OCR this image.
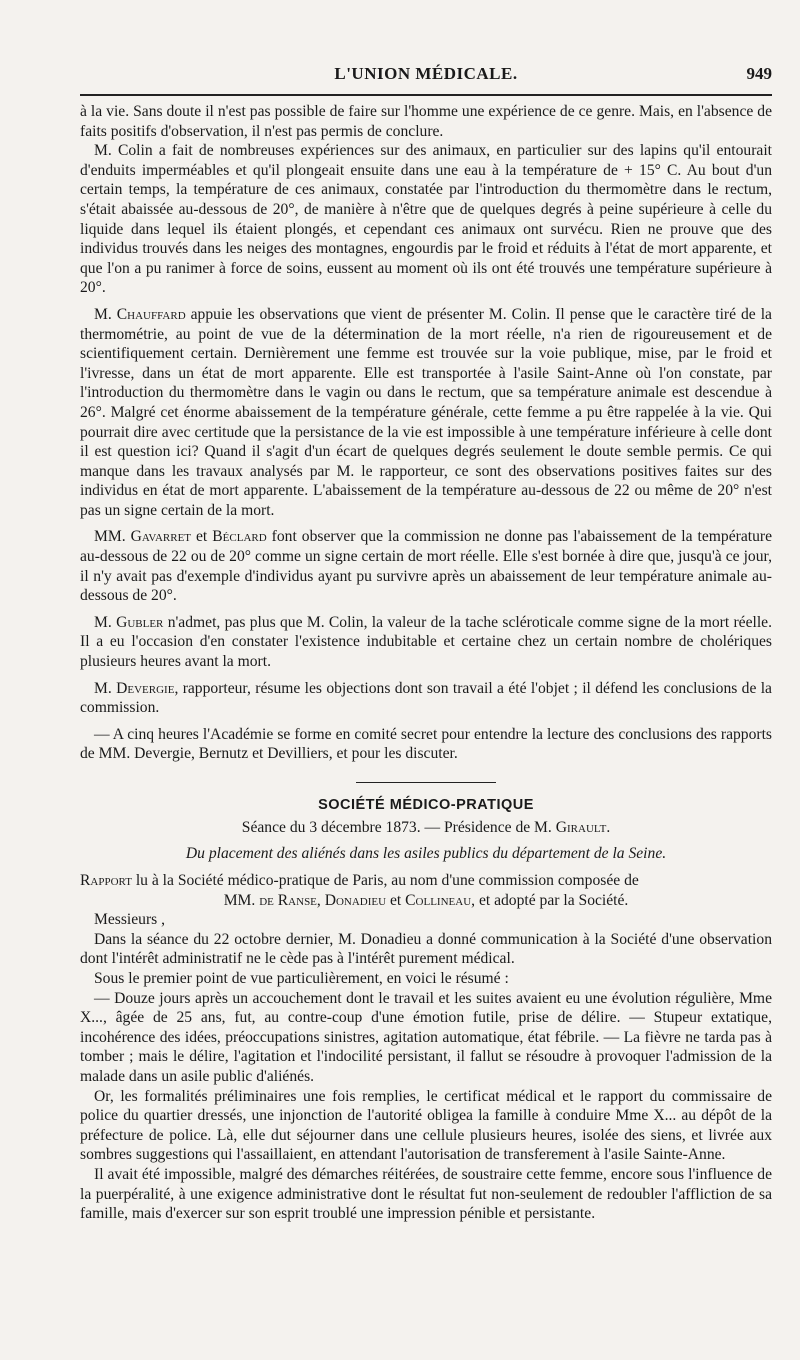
L'UNION MÉDICALE.	949

à la vie. Sans doute il n'est pas possible de faire sur l'homme une expérience de ce genre. Mais, en l'absence de faits positifs d'observation, il n'est pas permis de conclure.

M. Colin a fait de nombreuses expériences sur des animaux, en particulier sur des lapins qu'il entourait d'enduits imperméables et qu'il plongeait ensuite dans une eau à la température de + 15° C. Au bout d'un certain temps, la température de ces animaux, constatée par l'introduction du thermomètre dans le rectum, s'était abaissée au-dessous de 20°, de manière à n'être que de quelques degrés à peine supérieure à celle du liquide dans lequel ils étaient plongés, et cependant ces animaux ont survécu. Rien ne prouve que des individus trouvés dans les neiges des montagnes, engourdis par le froid et réduits à l'état de mort apparente, et que l'on a pu ranimer à force de soins, eussent au moment où ils ont été trouvés une température supérieure à 20°.

M. Chauffard appuie les observations que vient de présenter M. Colin. Il pense que le caractère tiré de la thermométrie, au point de vue de la détermination de la mort réelle, n'a rien de rigoureusement et de scientifiquement certain. Dernièrement une femme est trouvée sur la voie publique, mise, par le froid et l'ivresse, dans un état de mort apparente. Elle est transportée à l'asile Saint-Anne où l'on constate, par l'introduction du thermomètre dans le vagin ou dans le rectum, que sa température animale est descendue à 26°. Malgré cet énorme abaissement de la température générale, cette femme a pu être rappelée à la vie. Qui pourrait dire avec certitude que la persistance de la vie est impossible à une température inférieure à celle dont il est question ici? Quand il s'agit d'un écart de quelques degrés seulement le doute semble permis. Ce qui manque dans les travaux analysés par M. le rapporteur, ce sont des observations positives faites sur des individus en état de mort apparente. L'abaissement de la température au-dessous de 22 ou même de 20° n'est pas un signe certain de la mort.

MM. Gavarret et Béclard font observer que la commission ne donne pas l'abaissement de la température au-dessous de 22 ou de 20° comme un signe certain de mort réelle. Elle s'est bornée à dire que, jusqu'à ce jour, il n'y avait pas d'exemple d'individus ayant pu survivre après un abaissement de leur température animale au-dessous de 20°.

M. Gubler n'admet, pas plus que M. Colin, la valeur de la tache scléroticale comme signe de la mort réelle. Il a eu l'occasion d'en constater l'existence indubitable et certaine chez un certain nombre de cholériques plusieurs heures avant la mort.

M. Devergie, rapporteur, résume les objections dont son travail a été l'objet ; il défend les conclusions de la commission.

— A cinq heures l'Académie se forme en comité secret pour entendre la lecture des conclusions des rapports de MM. Devergie, Bernutz et Devilliers, et pour les discuter.

SOCIÉTÉ MÉDICO-PRATIQUE
Séance du 3 décembre 1873. — Présidence de M. Girault.
Du placement des aliénés dans les asiles publics du département de la Seine.
Rapport lu à la Société médico-pratique de Paris, au nom d'une commission composée de
MM. de Ranse, Donadieu et Collineau, et adopté par la Société.

Messieurs ,

Dans la séance du 22 octobre dernier, M. Donadieu a donné communication à la Société d'une observation dont l'intérêt administratif ne le cède pas à l'intérêt purement médical.

Sous le premier point de vue particulièrement, en voici le résumé :

— Douze jours après un accouchement dont le travail et les suites avaient eu une évolution régulière, Mme X..., âgée de 25 ans, fut, au contre-coup d'une émotion futile, prise de délire. — Stupeur extatique, incohérence des idées, préoccupations sinistres, agitation automatique, état fébrile. — La fièvre ne tarda pas à tomber ; mais le délire, l'agitation et l'indocilité persistant, il fallut se résoudre à provoquer l'admission de la malade dans un asile public d'aliénés.

Or, les formalités préliminaires une fois remplies, le certificat médical et le rapport du commissaire de police du quartier dressés, une injonction de l'autorité obligea la famille à conduire Mme X... au dépôt de la préfecture de police. Là, elle dut séjourner dans une cellule plusieurs heures, isolée des siens, et livrée aux sombres suggestions qui l'assaillaient, en attendant l'autorisation de transferement à l'asile Sainte-Anne.

Il avait été impossible, malgré des démarches réitérées, de soustraire cette femme, encore sous l'influence de la puerpéralité, à une exigence administrative dont le résultat fut non-seulement de redoubler l'affliction de sa famille, mais d'exercer sur son esprit troublé une impression pénible et persistante.
